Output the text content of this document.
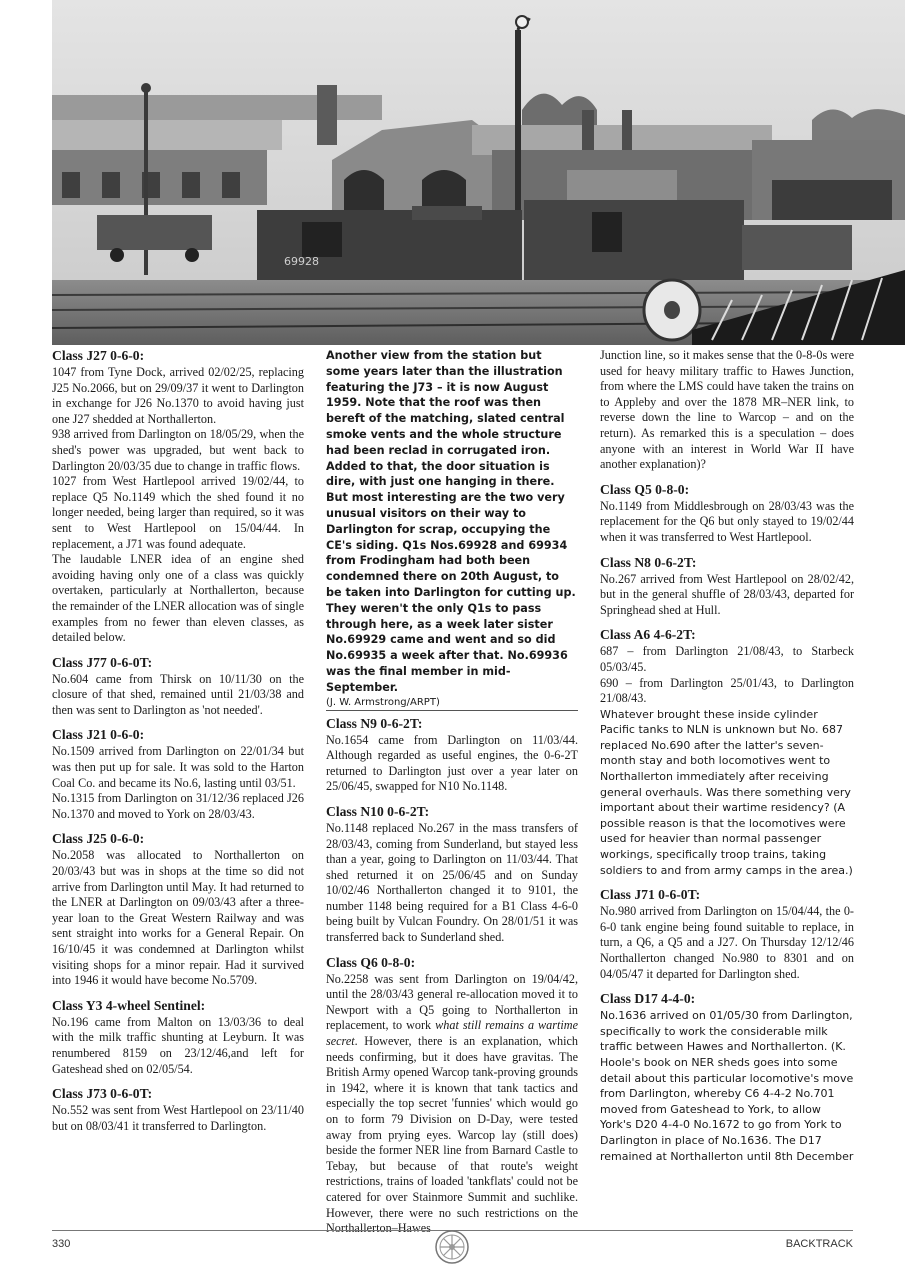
69928
Class J27 0-6-0:

1047 from Tyne Dock, arrived 02/02/25, replacing J25 No.2066, but on 29/09/37 it went to Darlington in exchange for J26 No.1370 to avoid having just one J27 shedded at Northallerton.

938 arrived from Darlington on 18/05/29, when the shed's power was upgraded, but went back to Darlington 20/03/35 due to change in traffic flows.

1027 from West Hartlepool arrived 19/02/44, to replace Q5 No.1149 which the shed found it no longer needed, being larger than required, so it was sent to West Hartlepool on 15/04/44. In replacement, a J71 was found adequate.

The laudable LNER idea of an engine shed avoiding having only one of a class was quickly overtaken, particularly at Northallerton, because the remainder of the LNER allocation was of single examples from no fewer than eleven classes, as detailed below.

Class J77 0-6-0T:

No.604 came from Thirsk on 10/11/30 on the closure of that shed, remained until 21/03/38 and then was sent to Darlington as 'not needed'.

Class J21 0-6-0:

No.1509 arrived from Darlington on 22/01/34 but was then put up for sale. It was sold to the Harton Coal Co. and became its No.6, lasting until 03/51.

No.1315 from Darlington on 31/12/36 replaced J26 No.1370 and moved to York on 28/03/43.

Class J25 0-6-0:

No.2058 was allocated to Northallerton on 20/03/43 but was in shops at the time so did not arrive from Darlington until May. It had returned to the LNER at Darlington on 09/03/43 after a three-year loan to the Great Western Railway and was sent straight into works for a General Repair. On 16/10/45 it was condemned at Darlington whilst visiting shops for a minor repair. Had it survived into 1946 it would have become No.5709.

Class Y3 4-wheel Sentinel:

No.196 came from Malton on 13/03/36 to deal with the milk traffic shunting at Leyburn. It was renumbered 8159 on 23/12/46,and left for Gateshead shed on 02/05/54.

Class J73 0-6-0T:

No.552 was sent from West Hartlepool on 23/11/40 but on 08/03/41 it transferred to Darlington.

Another view from the station but some years later than the illustration featuring the J73 – it is now August 1959. Note that the roof was then bereft of the matching, slated central smoke vents and the whole structure had been reclad in corrugated iron. Added to that, the door situation is dire, with just one hanging in there. But most interesting are the two very unusual visitors on their way to Darlington for scrap, occupying the CE's siding. Q1s Nos.69928 and 69934 from Frodingham had both been condemned there on 20th August, to be taken into Darlington for cutting up. They weren't the only Q1s to pass through here, as a week later sister No.69929 came and went and so did No.69935 a week after that. No.69936 was the final member in mid-September.

(J. W. Armstrong/ARPT)

Class N9 0-6-2T:

No.1654 came from Darlington on 11/03/44. Although regarded as useful engines, the 0-6-2T returned to Darlington just over a year later on 25/06/45, swapped for N10 No.1148.

Class N10 0-6-2T:

No.1148 replaced No.267 in the mass transfers of 28/03/43, coming from Sunderland, but stayed less than a year, going to Darlington on 11/03/44. That shed returned it on 25/06/45 and on Sunday 10/02/46 Northallerton changed it to 9101, the number 1148 being required for a B1 Class 4-6-0 being built by Vulcan Foundry. On 28/01/51 it was transferred back to Sunderland shed.

Class Q6 0-8-0:

No.2258 was sent from Darlington on 19/04/42, until the 28/03/43 general re-allocation moved it to Newport with a Q5 going to Northallerton in replacement, to work what still remains a wartime secret. However, there is an explanation, which needs confirming, but it does have gravitas. The British Army opened Warcop tank-proving grounds in 1942, where it is known that tank tactics and especially the top secret 'funnies' which would go on to form 79 Division on D-Day, were tested away from prying eyes. Warcop lay (still does) beside the former NER line from Barnard Castle to Tebay, but because of that route's weight restrictions, trains of loaded 'tankflats' could not be catered for over Stainmore Summit and suchlike. However, there were no such restrictions on the Northallerton–Hawes

Junction line, so it makes sense that the 0-8-0s were used for heavy military traffic to Hawes Junction, from where the LMS could have taken the trains on to Appleby and over the 1878 MR–NER link, to reverse down the line to Warcop – and on the return). As remarked this is a speculation – does anyone with an interest in World War II have another explanation)?

Class Q5 0-8-0:

No.1149 from Middlesbrough on 28/03/43 was the replacement for the Q6 but only stayed to 19/02/44 when it was transferred to West Hartlepool.

Class N8 0-6-2T:

No.267 arrived from West Hartlepool on 28/02/42, but in the general shuffle of 28/03/43, departed for Springhead shed at Hull.

Class A6 4-6-2T:

687 – from Darlington 21/08/43, to Starbeck 05/03/45.

690 – from Darlington 25/01/43, to Darlington 21/08/43.

Whatever brought these inside cylinder Pacific tanks to NLN is unknown but No. 687 replaced No.690 after the latter's seven-month stay and both locomotives went to Northallerton immediately after receiving general overhauls. Was there something very important about their wartime residency? (A possible reason is that the locomotives were used for heavier than normal passenger workings, specifically troop trains, taking soldiers to and from army camps in the area.)

Class J71 0-6-0T:

No.980 arrived from Darlington on 15/04/44, the 0-6-0 tank engine being found suitable to replace, in turn, a Q6, a Q5 and a J27. On Thursday 12/12/46 Northallerton changed No.980 to 8301 and on 04/05/47 it departed for Darlington shed.

Class D17 4-4-0:

No.1636 arrived on 01/05/30 from Darlington, specifically to work the considerable milk traffic between Hawes and Northallerton. (K. Hoole's book on NER sheds goes into some detail about this particular locomotive's move from Darlington, whereby C6 4-4-2 No.701 moved from Gateshead to York, to allow York's D20 4-4-0 No.1672 to go from York to Darlington in place of No.1636. The D17 remained at Northallerton until 8th December

330	BACKTRACK
